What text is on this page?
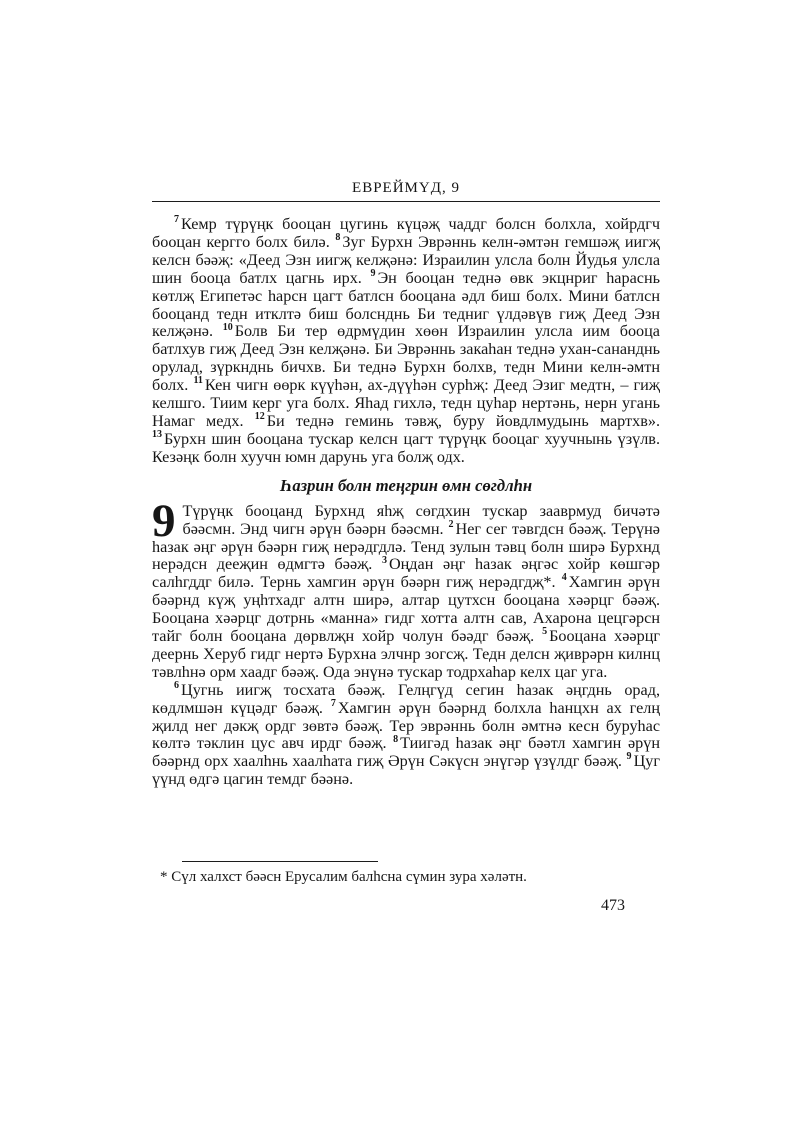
ЕВРЕЙМҮД, 9

$^7$ Кемр түрүңк бооцан цугинь күцәҗ чаддг болсн болхла, хойрдгч бооцан кергго болх билә. $^8$ Зуг Бурхн Эврәннь келн-әмтән гемшәҗ иигҗ келсн бәәҗ: «Деед Эзн иигҗ келҗәнә: Израилин улсла болн Йудья улсла шин бооца батлх цагнь ирх. $^9$ Эн бооцан теднә өвк экцнриг һараснь көтлҗ Египетәс һарсн цагт батлсн бооцана әдл биш болх. Мини батлсн бооцанд тедн итклтә биш болснднь Би тедниг үлдәвүв гиҗ Деед Эзн келҗәнә. $^{10}$ Болв Би тер өдрмүдин хөөн Израилин улсла иим бооца батлхув гиҗ Деед Эзн келҗәнә. Би Эврәннь закаһан теднә ухан-сананднь орулад, зүркнднь бичхв. Би теднә Бурхн болхв, тедн Мини келн-әмтн болх. $^{11}$ Кен чигн өөрк күүһән, ах-дүүһән сурһҗ: Деед Эзиг медтн, – гиҗ келшго. Тиим керг уга болх. Яһад гихлә, тедн цуһар нертәнь, нерн угань Намаг медх. $^{12}$ Би теднә геминь тәвҗ, буру йовдлмудынь мартхв». $^{13}$ Бурхн шин бооцана тускар келсн цагт түрүңк бооцаг хуучнынь үзүлв. Кезәңк болн хуучн юмн дарунь уга болҗ одх.

Һазрин болн теңгрин өмн сөгдлһн

9 Түрүңк бооцанд Бурхнд яһҗ сөгдхин тускар зааврмуд бичәтә бәәсмн. Энд чигн әрүн бәәрн бәәсмн. $^2$ Нег сег тәвгдсн бәәҗ. Терүнә һазак әңг әрүн бәәрн гиҗ нерәдгдлә. Тенд зулын тәвц болн ширә Бурхнд нерәдсн дееҗин өдмгтә бәәҗ. $^3$ Оңдан әңг һазак әңгәс хойр көшгәр салһгддг билә. Тернь хамгин әрүн бәәрн гиҗ нерәдгдҗ*. $^4$ Хамгин әрүн бәәрнд күҗ уңһтхадг алтн ширә, алтар цутхсн бооцана хәәрцг бәәҗ. Бооцана хәәрцг дотрнь «манна» гидг хотта алтн сав, Ахарона цецгәрсн тайг болн бооцана дөрвлҗн хойр чолун бәәдг бәәҗ. $^5$ Бооцана хәәрцг деернь Херуб гидг нертә Бурхна элчнр зогсҗ. Тедн делсн җиврәрн килнц тәвлһнә орм хаадг бәәҗ. Ода энүнә тускар тодрхаһар келх цаг уга.

$^6$ Цугнь иигҗ тосхата бәәҗ. Гелңгүд сегин һазак әңгднь орад, көдлмшән күцәдг бәәҗ. $^7$ Хамгин әрүн бәәрнд болхла һанцхн ах гелң җилд нег дәкҗ ордг зөвтә бәәҗ. Тер эврәннь болн әмтнә кесн буруһас көлтә тәклин цус авч ирдг бәәҗ. $^8$ Тиигәд һазак әңг бәәтл хамгин әрүн бәәрнд орх хаалһнь хаалһата гиҗ Әрүн Сәкүсн энүгәр үзүлдг бәәҗ. $^9$ Цуг үүнд өдгә цагин темдг бәәнә.

* Сүл халхст бәәсн Ерусалим балһсна сүмин зура хәләтн.
473
